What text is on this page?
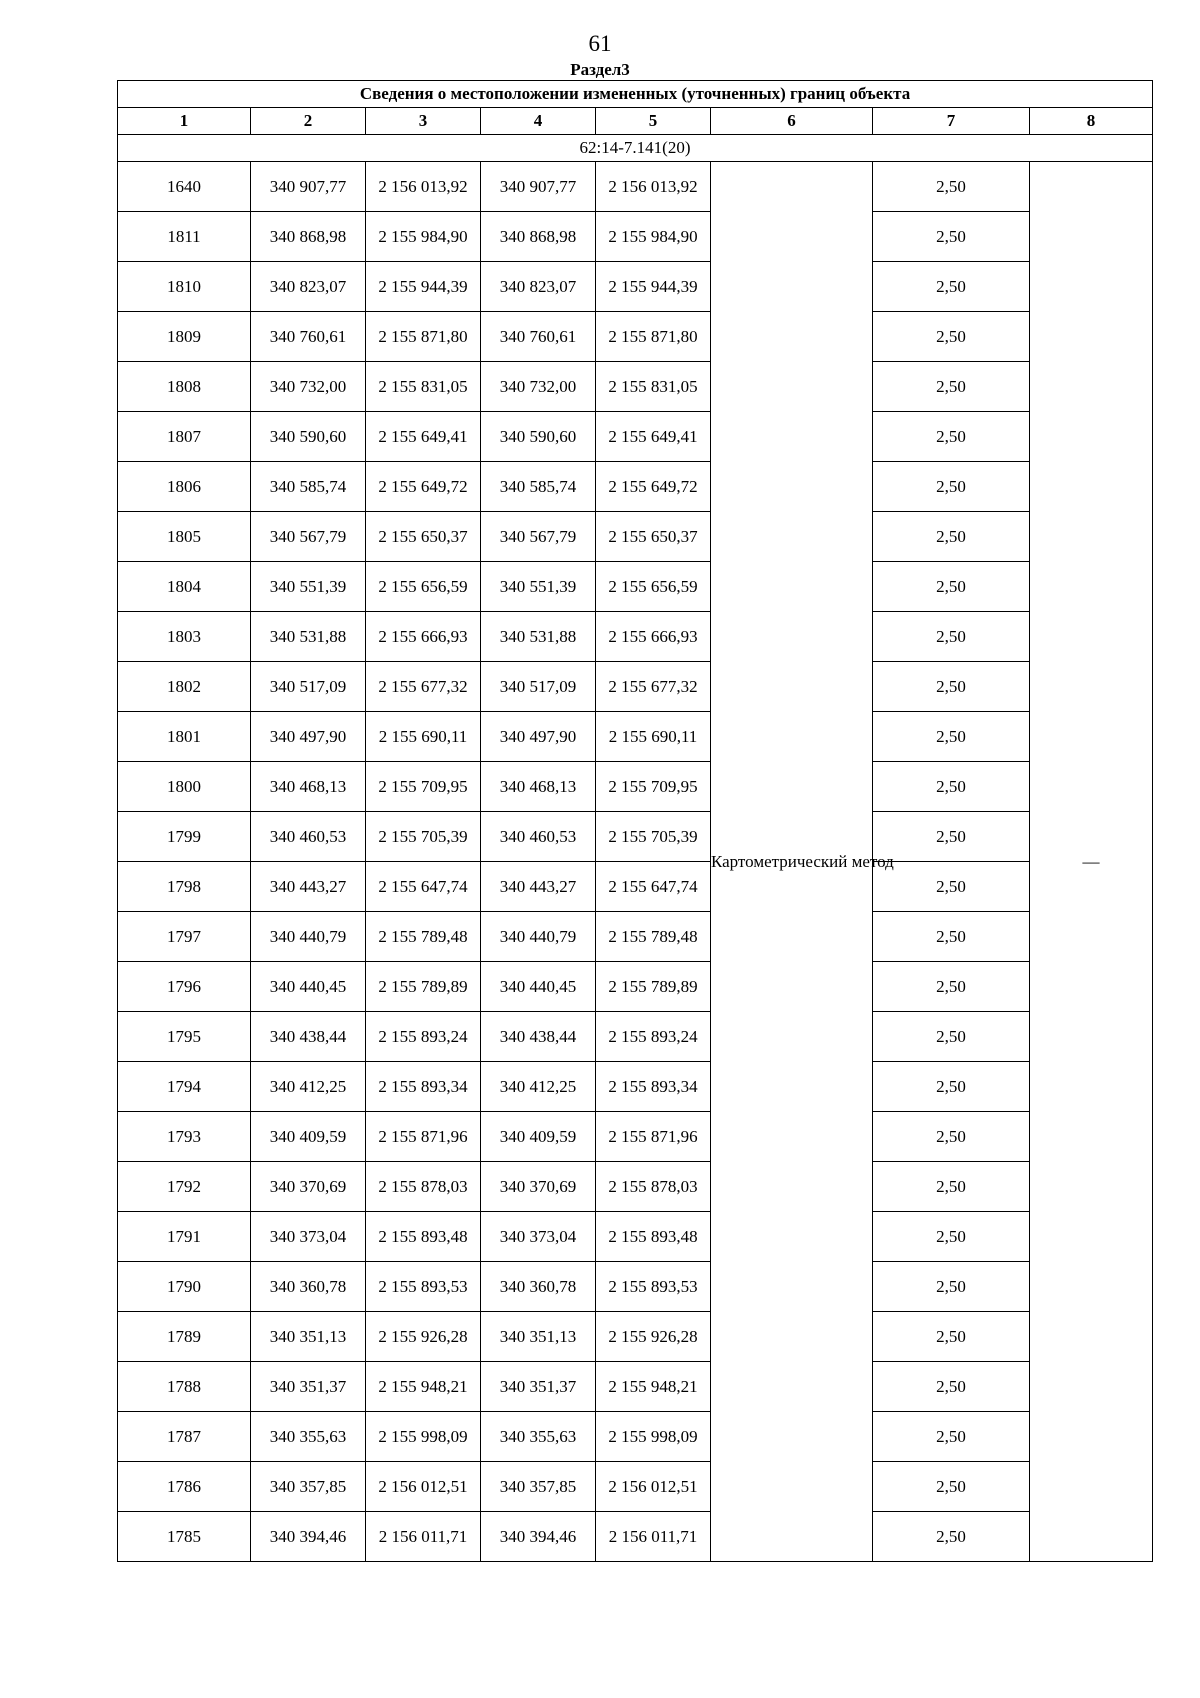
61
Раздел3
Сведения о местоположении измененных (уточненных) границ объекта							
1	2	3	4	5	6	7	8
62:14-7.141(20)							
1640	340 907,77	2 156 013,92	340 907,77	2 156 013,92	Картометрический метод	2,50	—
1811	340 868,98	2 155 984,90	340 868,98	2 155 984,90		2,50	
1810	340 823,07	2 155 944,39	340 823,07	2 155 944,39		2,50	
1809	340 760,61	2 155 871,80	340 760,61	2 155 871,80		2,50	
1808	340 732,00	2 155 831,05	340 732,00	2 155 831,05		2,50	
1807	340 590,60	2 155 649,41	340 590,60	2 155 649,41		2,50	
1806	340 585,74	2 155 649,72	340 585,74	2 155 649,72		2,50	
1805	340 567,79	2 155 650,37	340 567,79	2 155 650,37		2,50	
1804	340 551,39	2 155 656,59	340 551,39	2 155 656,59		2,50	
1803	340 531,88	2 155 666,93	340 531,88	2 155 666,93		2,50	
1802	340 517,09	2 155 677,32	340 517,09	2 155 677,32		2,50	
1801	340 497,90	2 155 690,11	340 497,90	2 155 690,11		2,50	
1800	340 468,13	2 155 709,95	340 468,13	2 155 709,95		2,50	
1799	340 460,53	2 155 705,39	340 460,53	2 155 705,39		2,50	
1798	340 443,27	2 155 647,74	340 443,27	2 155 647,74		2,50	
1797	340 440,79	2 155 789,48	340 440,79	2 155 789,48		2,50	
1796	340 440,45	2 155 789,89	340 440,45	2 155 789,89		2,50	
1795	340 438,44	2 155 893,24	340 438,44	2 155 893,24		2,50	
1794	340 412,25	2 155 893,34	340 412,25	2 155 893,34		2,50	
1793	340 409,59	2 155 871,96	340 409,59	2 155 871,96		2,50	
1792	340 370,69	2 155 878,03	340 370,69	2 155 878,03		2,50	
1791	340 373,04	2 155 893,48	340 373,04	2 155 893,48		2,50	
1790	340 360,78	2 155 893,53	340 360,78	2 155 893,53		2,50	
1789	340 351,13	2 155 926,28	340 351,13	2 155 926,28		2,50	
1788	340 351,37	2 155 948,21	340 351,37	2 155 948,21		2,50	
1787	340 355,63	2 155 998,09	340 355,63	2 155 998,09		2,50	
1786	340 357,85	2 156 012,51	340 357,85	2 156 012,51		2,50	
1785	340 394,46	2 156 011,71	340 394,46	2 156 011,71		2,50	
